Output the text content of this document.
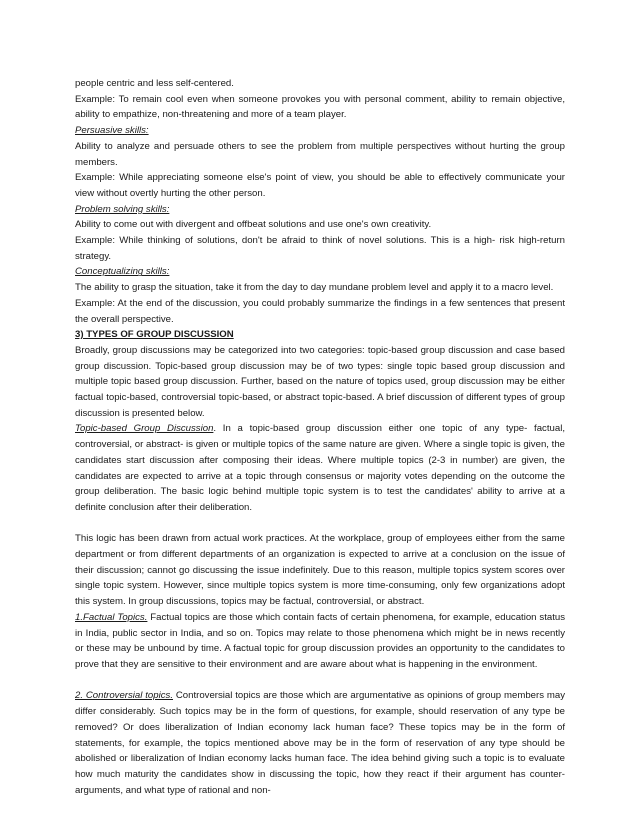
people centric and less self-centered.

Example: To remain cool even when someone provokes you with personal comment, ability to remain objective, ability to empathize, non-threatening and more of a team player.

Persuasive skills:

Ability to analyze and persuade others to see the problem from multiple perspectives without hurting the group members.

Example: While appreciating someone else's point of view, you should be able to effectively communicate your view without overtly hurting the other person.

Problem solving skills:

Ability to come out with divergent and offbeat solutions and use one's own creativity.

Example: While thinking of solutions, don't be afraid to think of novel solutions. This is a high- risk high-return strategy.

Conceptualizing skills:

The ability to grasp the situation, take it from the day to day mundane problem level and apply it to a macro level.

Example: At the end of the discussion, you could probably summarize the findings in a few sentences that present the overall perspective.

3) TYPES OF GROUP DISCUSSION

Broadly, group discussions may be categorized into two categories: topic-based group discussion and case based group discussion. Topic-based group discussion may be of two types: single topic based group discussion and multiple topic based group discussion. Further, based on the nature of topics used, group discussion may be either factual topic-based, controversial topic-based, or abstract topic-based. A brief discussion of different types of group discussion is presented below.

Topic-based Group Discussion. In a topic-based group discussion either one topic of any type- factual, controversial, or abstract- is given or multiple topics of the same nature are given. Where a single topic is given, the candidates start discussion after composing their ideas. Where multiple topics (2-3 in number) are given, the candidates are expected to arrive at a topic through consensus or majority votes depending on the outcome the group deliberation. The basic logic behind multiple topic system is to test the candidates' ability to arrive at a definite conclusion after their deliberation.

This logic has been drawn from actual work practices. At the workplace, group of employees either from the same department or from different departments of an organization is expected to arrive at a conclusion on the issue of their discussion; cannot go discussing the issue indefinitely. Due to this reason, multiple topics system scores over single topic system. However, since multiple topics system is more time-consuming, only few organizations adopt this system. In group discussions, topics may be factual, controversial, or abstract.

1.Factual Topics. Factual topics are those which contain facts of certain phenomena, for example, education status in India, public sector in India, and so on. Topics may relate to those phenomena which might be in news recently or these may be unbound by time. A factual topic for group discussion provides an opportunity to the candidates to prove that they are sensitive to their environment and are aware about what is happening in the environment.

2. Controversial topics. Controversial topics are those which are argumentative as opinions of group members may differ considerably. Such topics may be in the form of questions, for example, should reservation of any type be removed? Or does liberalization of Indian economy lack human face? These topics may be in the form of statements, for example, the topics mentioned above may be in the form of reservation of any type should be abolished or liberalization of Indian economy lacks human face. The idea behind giving such a topic is to evaluate how much maturity the candidates show in discussing the topic, how they react if their argument has counter-arguments, and what type of rational and non-
